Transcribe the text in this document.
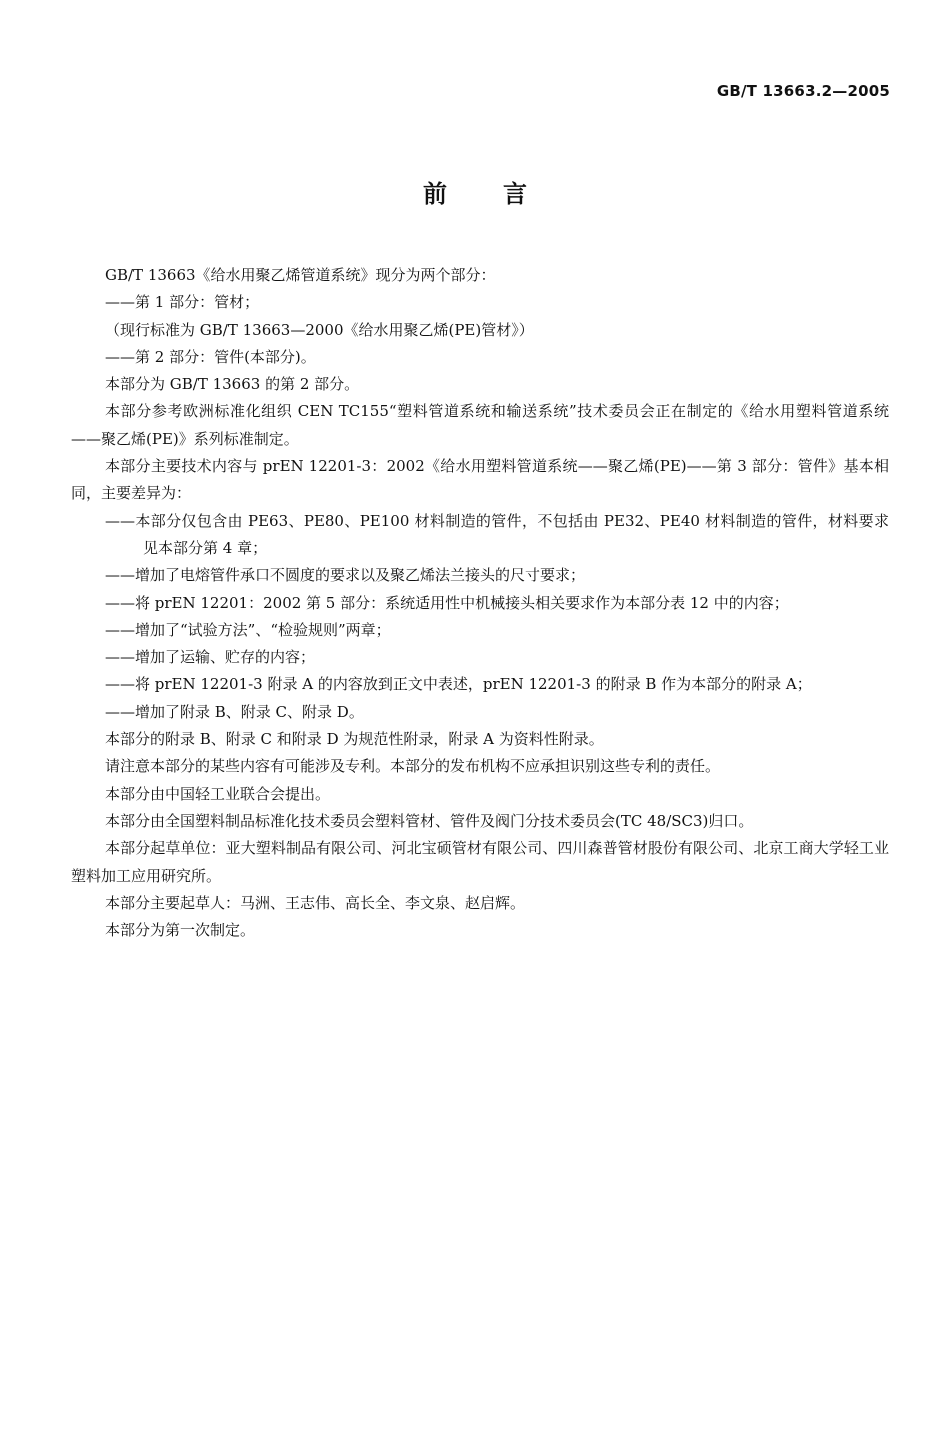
GB/T 13663.2—2005
前言

GB/T 13663《给水用聚乙烯管道系统》现分为两个部分：

——第 1 部分：管材；

（现行标准为 GB/T 13663—2000《给水用聚乙烯(PE)管材》）

——第 2 部分：管件(本部分)。

本部分为 GB/T 13663 的第 2 部分。

本部分参考欧洲标准化组织 CEN TC155“塑料管道系统和输送系统”技术委员会正在制定的《给水用塑料管道系统——聚乙烯(PE)》系列标准制定。

本部分主要技术内容与 prEN 12201-3：2002《给水用塑料管道系统——聚乙烯(PE)——第 3 部分：管件》基本相同，主要差异为：

——本部分仅包含由 PE63、PE80、PE100 材料制造的管件，不包括由 PE32、PE40 材料制造的管件，材料要求见本部分第 4 章；

——增加了电熔管件承口不圆度的要求以及聚乙烯法兰接头的尺寸要求；

——将 prEN 12201：2002 第 5 部分：系统适用性中机械接头相关要求作为本部分表 12 中的内容；

——增加了“试验方法”、“检验规则”两章；

——增加了运输、贮存的内容；

——将 prEN 12201-3 附录 A 的内容放到正文中表述，prEN 12201-3 的附录 B 作为本部分的附录 A；

——增加了附录 B、附录 C、附录 D。

本部分的附录 B、附录 C 和附录 D 为规范性附录，附录 A 为资料性附录。

请注意本部分的某些内容有可能涉及专利。本部分的发布机构不应承担识别这些专利的责任。

本部分由中国轻工业联合会提出。

本部分由全国塑料制品标准化技术委员会塑料管材、管件及阀门分技术委员会(TC 48/SC3)归口。

本部分起草单位：亚大塑料制品有限公司、河北宝硕管材有限公司、四川森普管材股份有限公司、北京工商大学轻工业塑料加工应用研究所。

本部分主要起草人：马洲、王志伟、高长全、李文泉、赵启辉。

本部分为第一次制定。
